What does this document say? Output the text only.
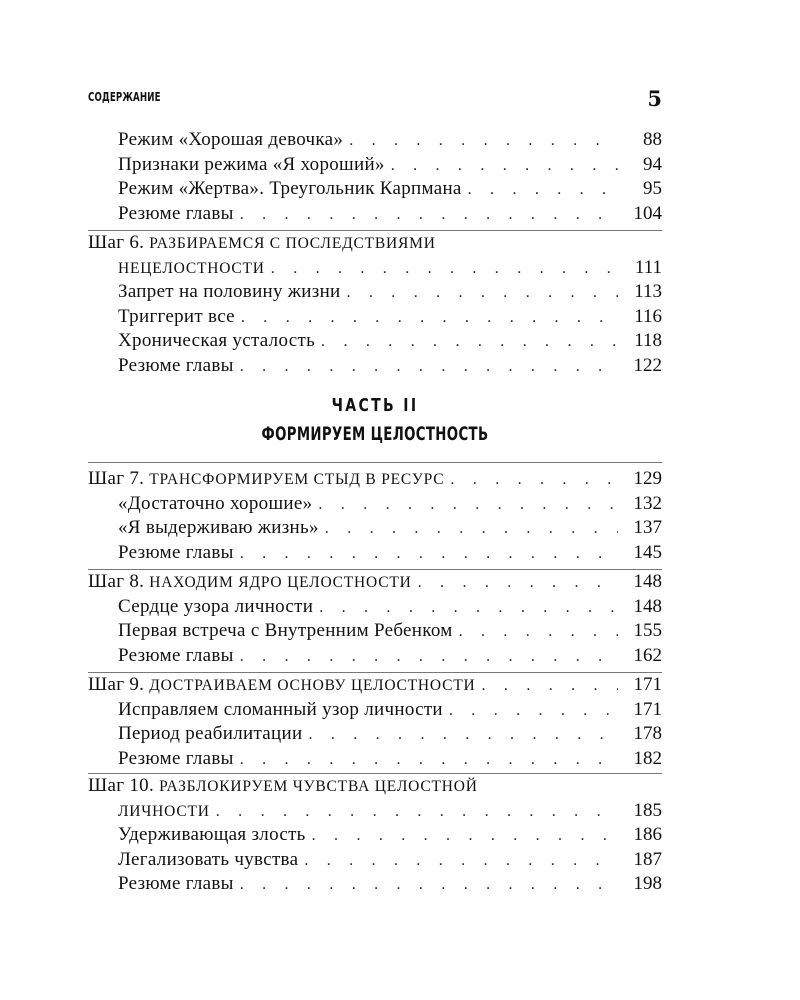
СОДЕРЖАНИЕ	5
Режим «Хорошая девочка» . . .	88
Признаки режима «Я хороший» . . .	94
Режим «Жертва». Треугольник Карпмана . . .	95
Резюме главы . . .	104
Шаг 6. РАЗБИРАЕМСЯ С ПОСЛЕДСТВИЯМИ
НЕЦЕЛОСТНОСТИ . . .	111
Запрет на половину жизни . . .	113
Триггерит все . . .	116
Хроническая усталость . . .	118
Резюме главы . . .	122
ЧАСТЬ II
ФОРМИРУЕМ ЦЕЛОСТНОСТЬ
Шаг 7. ТРАНСФОРМИРУЕМ СТЫД В РЕСУРС . . .	129
«Достаточно хорошие» . . .	132
«Я выдерживаю жизнь» . . .	137
Резюме главы . . .	145
Шаг 8. НАХОДИМ ЯДРО ЦЕЛОСТНОСТИ . . .	148
Сердце узора личности . . .	148
Первая встреча с Внутренним Ребенком . . .	155
Резюме главы . . .	162
Шаг 9. ДОСТРАИВАЕМ ОСНОВУ ЦЕЛОСТНОСТИ . . .	171
Исправляем сломанный узор личности . . .	171
Период реабилитации . . .	178
Резюме главы . . .	182
Шаг 10. РАЗБЛОКИРУЕМ ЧУВСТВА ЦЕЛОСТНОЙ
ЛИЧНОСТИ . . .	185
Удерживающая злость . . .	186
Легализовать чувства . . .	187
Резюме главы . . .	198
